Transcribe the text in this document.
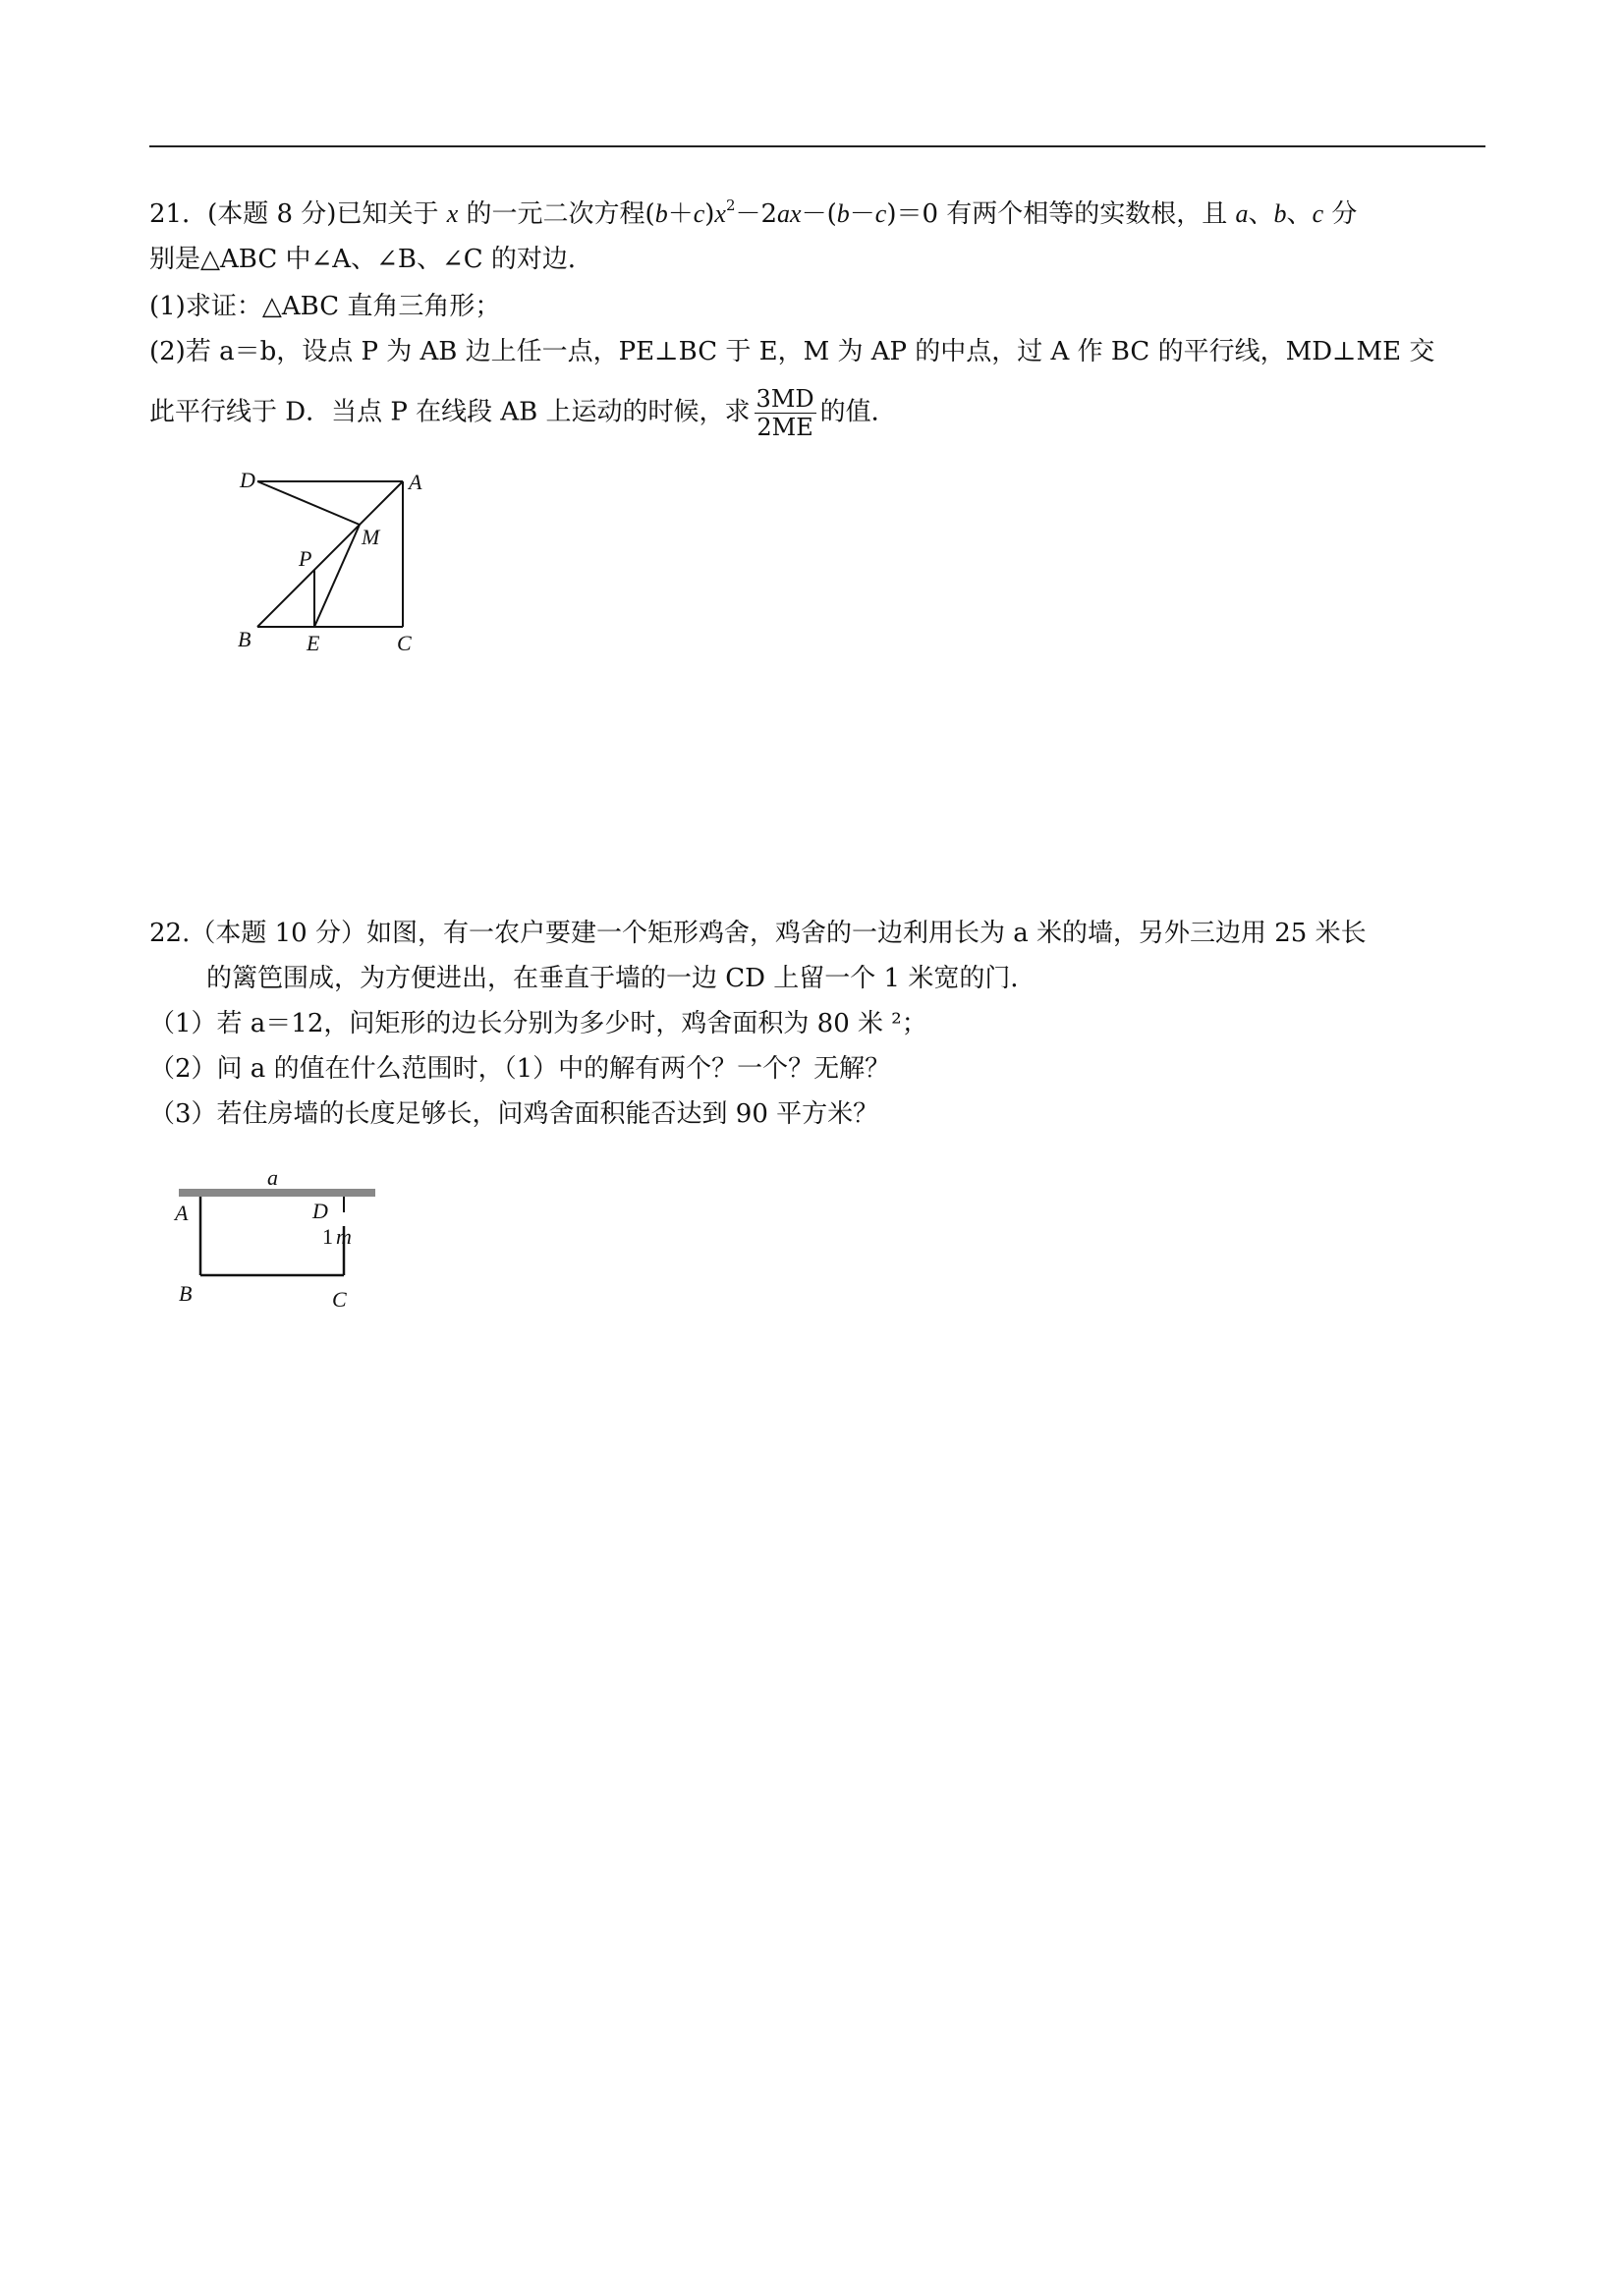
21．(本题 8 分)已知关于 x 的一元二次方程$(b+c)x^2-2ax-(b-c)=0$ 有两个相等的实数根，且 a、b、c 分
别是△ABC 中∠A、∠B、∠C 的对边．
(1)求证：△ABC 直角三角形；
(2)若 a＝b，设点 P 为 AB 边上任一点，PE⊥BC 于 E，M 为 AP 的中点，过 A 作 BC 的平行线，MD⊥ME 交
此平行线于 D．当点 P 在线段 AB 上运动的时候，求 $\frac{3MD}{2ME}$ 的值．
D	A
M
P
B	E	C
22.（本题 10 分）如图，有一农户要建一个矩形鸡舍，鸡舍的一边利用长为 a 米的墙，另外三边用 25 米长
的篱笆围成，为方便进出，在垂直于墙的一边 CD 上留一个 1 米宽的门．
（1）若 a＝12，问矩形的边长分别为多少时，鸡舍面积为 80 米 ²；
（2）问 a 的值在什么范围时，（1）中的解有两个？一个？无解？
（3）若住房墙的长度足够长，问鸡舍面积能否达到 90 平方米？
a
A	D
1 m
B	C
